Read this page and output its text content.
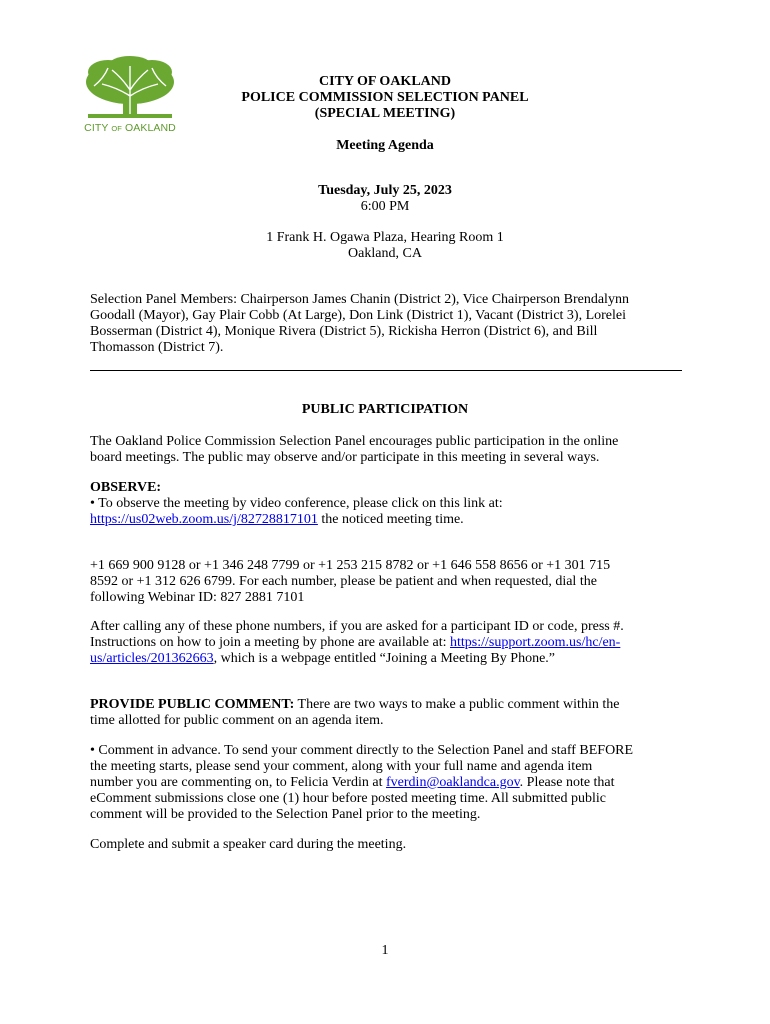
CITY OF OAKLAND
CITY OF OAKLAND
POLICE COMMISSION SELECTION PANEL
(SPECIAL MEETING)
Meeting Agenda
Tuesday, July 25, 2023
6:00 PM
1 Frank H. Ogawa Plaza, Hearing Room 1
Oakland, CA
Selection Panel Members: Chairperson James Chanin (District 2), Vice Chairperson Brendalynn
Goodall (Mayor), Gay Plair Cobb (At Large), Don Link (District 1), Vacant (District 3), Lorelei
Bosserman (District 4), Monique Rivera (District 5), Rickisha Herron (District 6), and Bill
Thomasson (District 7).
PUBLIC PARTICIPATION
The Oakland Police Commission Selection Panel encourages public participation in the online
board meetings. The public may observe and/or participate in this meeting in several ways.
OBSERVE:
• To observe the meeting by video conference, please click on this link at:
https://us02web.zoom.us/j/82728817101 the noticed meeting time.
+1 669 900 9128 or +1 346 248 7799 or +1 253 215 8782 or +1 646 558 8656 or +1 301 715
8592 or +1 312 626 6799. For each number, please be patient and when requested, dial the
following Webinar ID: 827 2881 7101
After calling any of these phone numbers, if you are asked for a participant ID or code, press #.
Instructions on how to join a meeting by phone are available at: https://support.zoom.us/hc/en-
us/articles/201362663, which is a webpage entitled “Joining a Meeting By Phone.”
PROVIDE PUBLIC COMMENT: There are two ways to make a public comment within the
time allotted for public comment on an agenda item.
• Comment in advance. To send your comment directly to the Selection Panel and staff BEFORE
the meeting starts, please send your comment, along with your full name and agenda item
number you are commenting on, to Felicia Verdin at fverdin@oaklandca.gov. Please note that
eComment submissions close one (1) hour before posted meeting time. All submitted public
comment will be provided to the Selection Panel prior to the meeting.
Complete and submit a speaker card during the meeting.
1
